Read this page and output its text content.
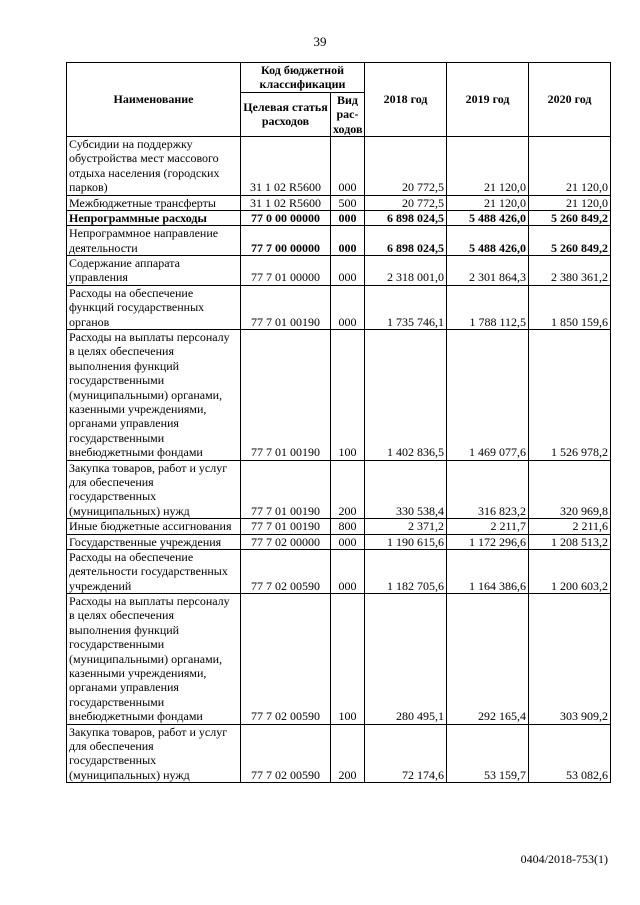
39
Наименование	Код бюджетной классификации		2018 год	2019 год	2020 год
	Целевая статья расходов	Вид рас-ходов			
Субсидии на поддержку обустройства мест массового отдыха населения (городских парков)	31 1 02 R5600	000	20 772,5	21 120,0	21 120,0
Межбюджетные трансферты	31 1 02 R5600	500	20 772,5	21 120,0	21 120,0
Непрограммные расходы	77 0 00 00000	000	6 898 024,5	5 488 426,0	5 260 849,2
Непрограммное направление деятельности	77 7 00 00000	000	6 898 024,5	5 488 426,0	5 260 849,2
Содержание аппарата управления	77 7 01 00000	000	2 318 001,0	2 301 864,3	2 380 361,2
Расходы на обеспечение функций государственных органов	77 7 01 00190	000	1 735 746,1	1 788 112,5	1 850 159,6
Расходы на выплаты персоналу в целях обеспечения выполнения функций государственными (муниципальными) органами, казенными учреждениями, органами управления государственными внебюджетными фондами	77 7 01 00190	100	1 402 836,5	1 469 077,6	1 526 978,2
Закупка товаров, работ и услуг для обеспечения государственных (муниципальных) нужд	77 7 01 00190	200	330 538,4	316 823,2	320 969,8
Иные бюджетные ассигнования	77 7 01 00190	800	2 371,2	2 211,7	2 211,6
Государственные учреждения	77 7 02 00000	000	1 190 615,6	1 172 296,6	1 208 513,2
Расходы на обеспечение деятельности государственных учреждений	77 7 02 00590	000	1 182 705,6	1 164 386,6	1 200 603,2
Расходы на выплаты персоналу в целях обеспечения выполнения функций государственными (муниципальными) органами, казенными учреждениями, органами управления государственными внебюджетными фондами	77 7 02 00590	100	280 495,1	292 165,4	303 909,2
Закупка товаров, работ и услуг для обеспечения государственных (муниципальных) нужд	77 7 02 00590	200	72 174,6	53 159,7	53 082,6
0404/2018-753(1)
